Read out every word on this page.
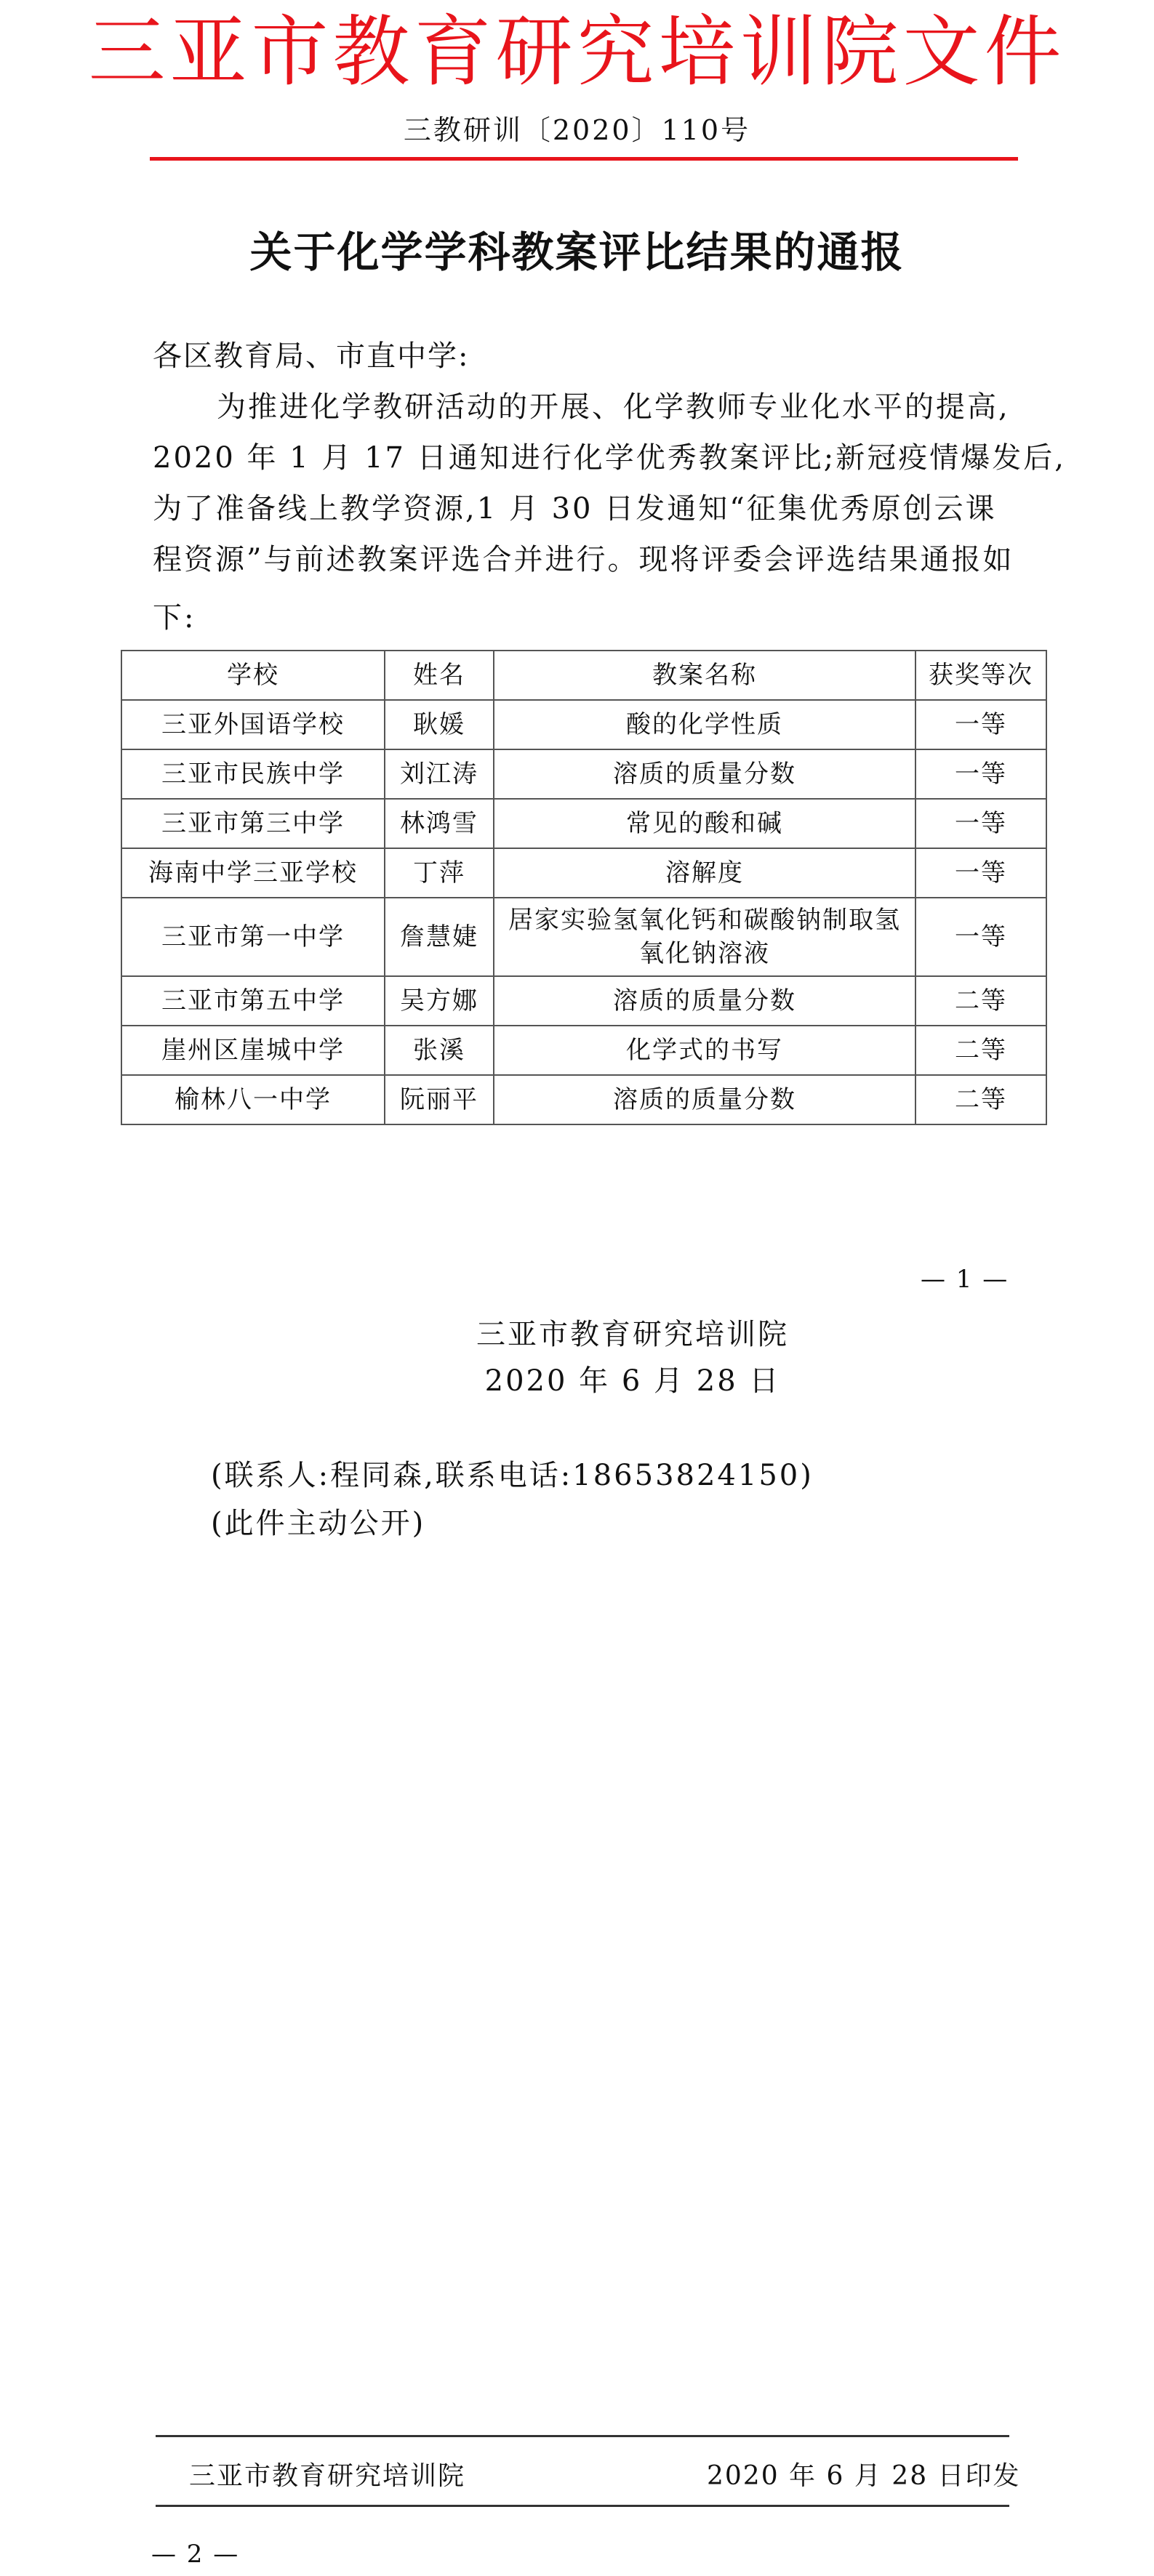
三亚市教育研究培训院文件
三教研训〔2020〕110号
关于化学学科教案评比结果的通报
各区教育局、市直中学:
为推进化学教研活动的开展、化学教师专业化水平的提高,
2020 年 1 月 17 日通知进行化学优秀教案评比;新冠疫情爆发后,
为了准备线上教学资源,1 月 30 日发通知“征集优秀原创云课
程资源”与前述教案评选合并进行。现将评委会评选结果通报如
下:
学校	姓名	教案名称	获奖等次
三亚外国语学校	耿媛	酸的化学性质	一等
三亚市民族中学	刘江涛	溶质的质量分数	一等
三亚市第三中学	林鸿雪	常见的酸和碱	一等
海南中学三亚学校	丁萍	溶解度	一等
三亚市第一中学	詹慧婕	居家实验氢氧化钙和碳酸钠制取氢氧化钠溶液	一等
三亚市第五中学	吴方娜	溶质的质量分数	二等
崖州区崖城中学	张溪	化学式的书写	二等
榆林八一中学	阮丽平	溶质的质量分数	二等
— 1 —
三亚市教育研究培训院
2020 年 6 月 28 日
(联系人:程同森,联系电话:18653824150)
(此件主动公开)
三亚市教育研究培训院	2020 年 6 月 28 日印发
— 2 —
